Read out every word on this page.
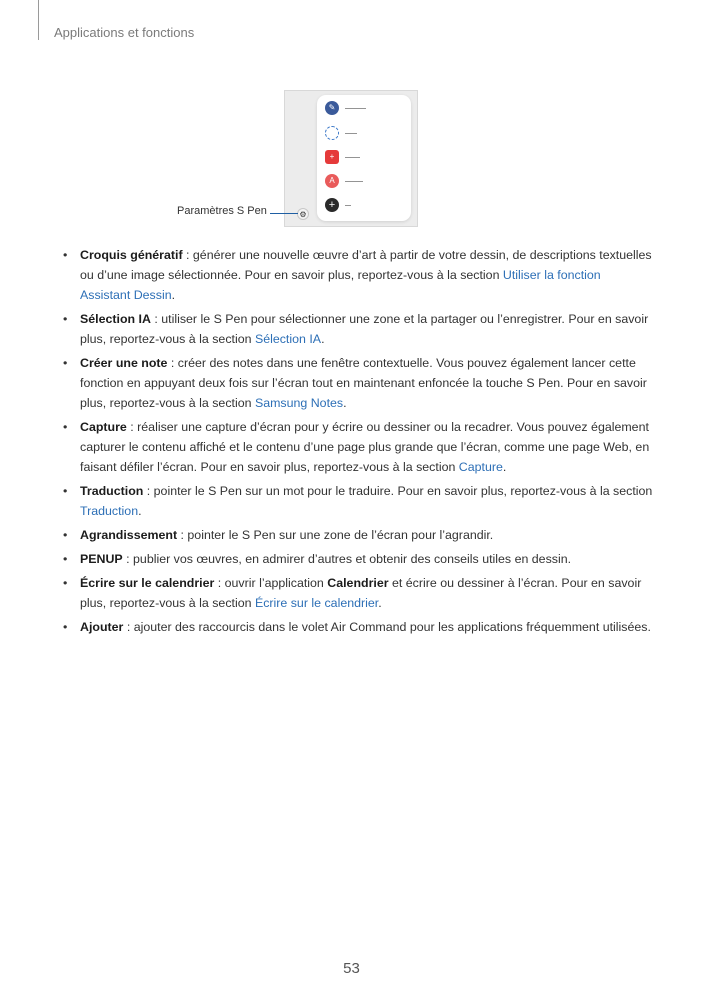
Applications et fonctions
✎	▬▬▬▬▬▬▬
▬▬▬▬
+	▬▬▬▬▬
A	▬▬▬▬▬▬
+	▬▬
⚙
Paramètres S Pen
• Croquis génératif : générer une nouvelle œuvre d’art à partir de votre dessin, de descriptions textuelles ou d’une image sélectionnée. Pour en savoir plus, reportez-vous à la section Utiliser la fonction Assistant Dessin.
• Sélection IA : utiliser le S Pen pour sélectionner une zone et la partager ou l’enregistrer. Pour en savoir plus, reportez-vous à la section Sélection IA.
• Créer une note : créer des notes dans une fenêtre contextuelle. Vous pouvez également lancer cette fonction en appuyant deux fois sur l’écran tout en maintenant enfoncée la touche S Pen. Pour en savoir plus, reportez-vous à la section Samsung Notes.
• Capture : réaliser une capture d’écran pour y écrire ou dessiner ou la recadrer. Vous pouvez également capturer le contenu affiché et le contenu d’une page plus grande que l’écran, comme une page Web, en faisant défiler l’écran. Pour en savoir plus, reportez-vous à la section Capture.
• Traduction : pointer le S Pen sur un mot pour le traduire. Pour en savoir plus, reportez-vous à la section Traduction.
• Agrandissement : pointer le S Pen sur une zone de l’écran pour l’agrandir.
• PENUP : publier vos œuvres, en admirer d’autres et obtenir des conseils utiles en dessin.
• Écrire sur le calendrier : ouvrir l’application Calendrier et écrire ou dessiner à l’écran. Pour en savoir plus, reportez-vous à la section Écrire sur le calendrier.
• Ajouter : ajouter des raccourcis dans le volet Air Command pour les applications fréquemment utilisées.
53
